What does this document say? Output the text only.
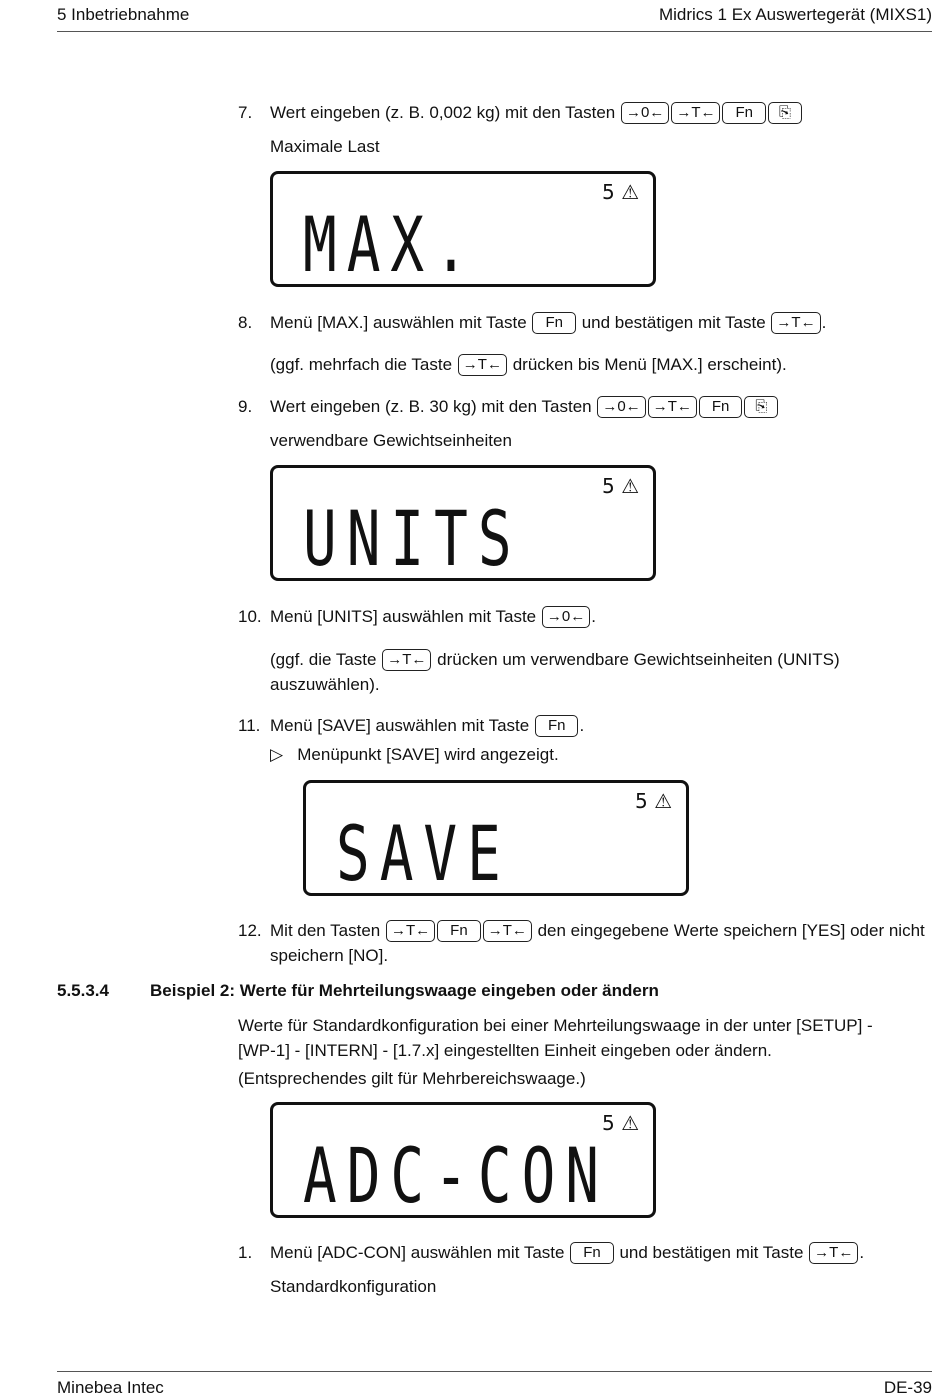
5 Inbetriebnahme	Midrics 1 Ex Auswertegerät (MIXS1)
7. Wert eingeben (z. B. 0,002 kg) mit den Tasten →0← →T← Fn ⎘
Maximale Last
5 ⚠
MAX.
8. Menü [MAX.] auswählen mit Taste Fn und bestätigen mit Taste →T← .
(ggf. mehrfach die Taste →T← drücken bis Menü [MAX.] erscheint).
9. Wert eingeben (z. B. 30 kg) mit den Tasten →0← →T← Fn ⎘
verwendbare Gewichtseinheiten
5 ⚠
UNITS
10. Menü [UNITS] auswählen mit Taste →0← .
(ggf. die Taste →T← drücken um verwendbare Gewichtseinheiten (UNITS)
auszuwählen).
11. Menü [SAVE] auswählen mit Taste Fn .
▷ Menüpunkt [SAVE] wird angezeigt.
5 ⚠
SAVE
12. Mit den Tasten →T← Fn →T← den eingegebene Werte speichern [YES] oder nicht
speichern [NO].
5.5.3.4 Beispiel 2: Werte für Mehrteilungswaage eingeben oder ändern
Werte für Standardkonfiguration bei einer Mehrteilungswaage in der unter [SETUP] -
[WP-1] - [INTERN] - [1.7.x] eingestellten Einheit eingeben oder ändern.
(Entsprechendes gilt für Mehrbereichswaage.)
5 ⚠
ADC-CON
1. Menü [ADC-CON] auswählen mit Taste Fn und bestätigen mit Taste →T← .
Standardkonfiguration
Minebea Intec	DE-39
